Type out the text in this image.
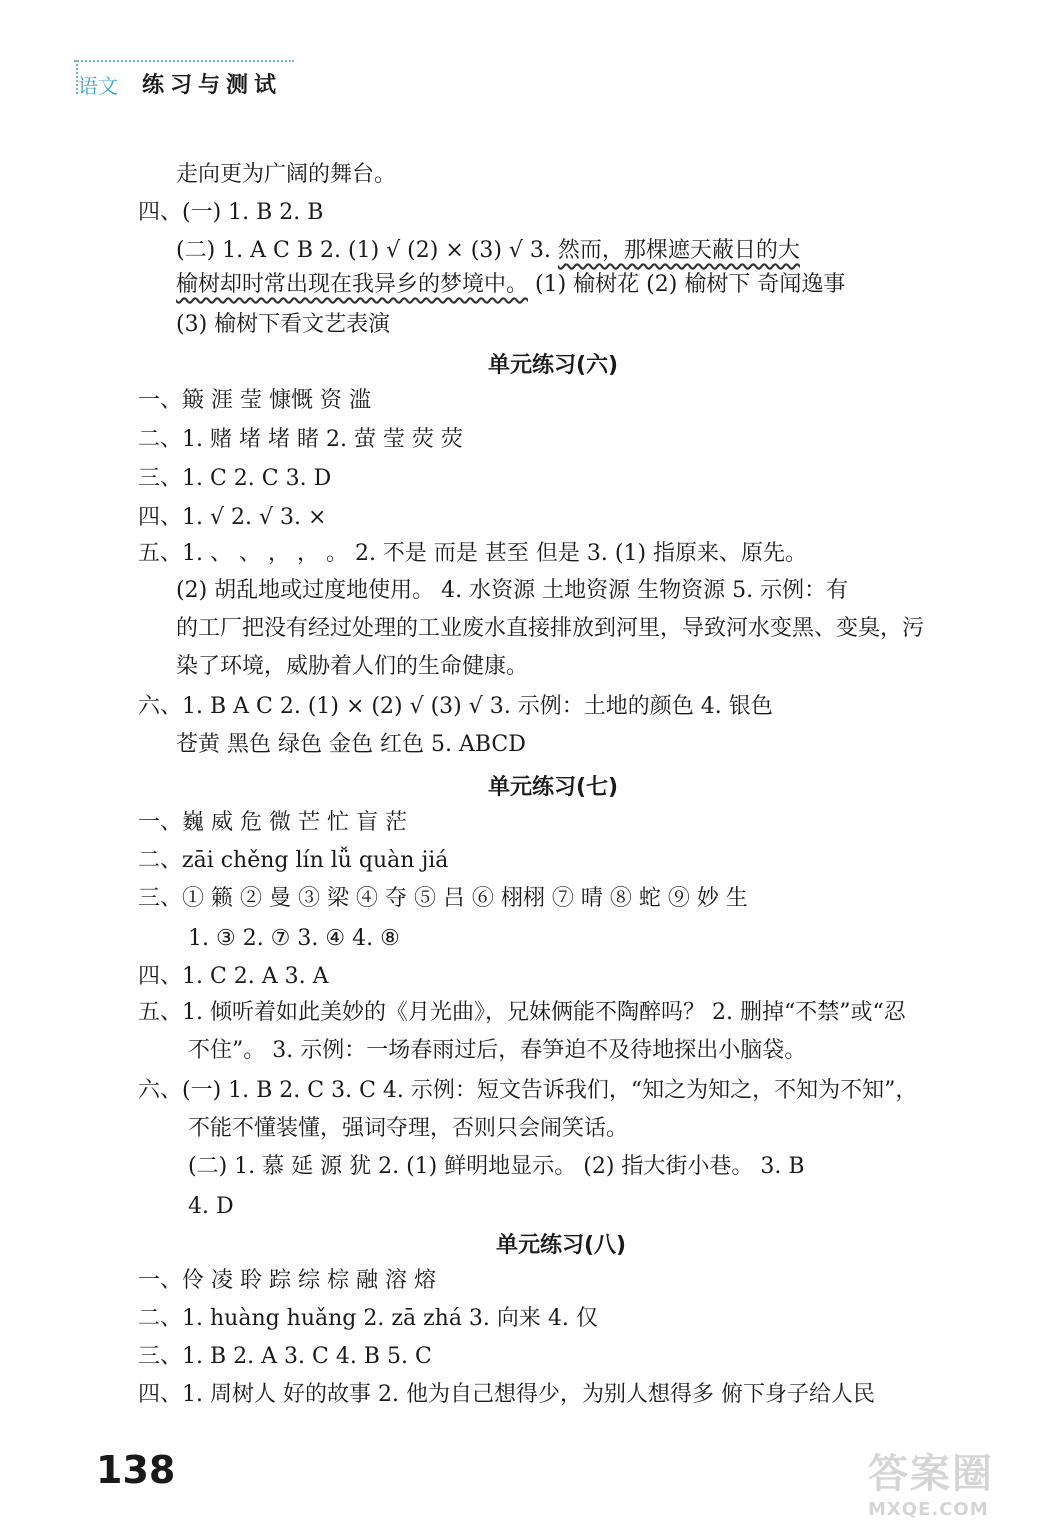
语文 练习与测试
走向更为广阔的舞台。
四、(一) 1. B 2. B
(二) 1. A C B 2. (1) √ (2) × (3) √ 3. 然而，那棵遮天蔽日的大
榆树却时常出现在我异乡的梦境中。 (1) 榆树花 (2) 榆树下 奇闻逸事
(3) 榆树下看文艺表演
单元练习(六)
一、簸 涯 莹 慷慨 资 滥
二、1. 赌 堵 堵 睹 2. 萤 莹 荧 荧
三、1. C 2. C 3. D
四、1. √ 2. √ 3. ×
五、1. 、 、 ， ， 。 2. 不是 而是 甚至 但是 3. (1) 指原来、原先。
(2) 胡乱地或过度地使用。 4. 水资源 土地资源 生物资源 5. 示例：有
的工厂把没有经过处理的工业废水直接排放到河里，导致河水变黑、变臭，污
染了环境，威胁着人们的生命健康。
六、1. B A C 2. (1) × (2) √ (3) √ 3. 示例：土地的颜色 4. 银色
苍黄 黑色 绿色 金色 红色 5. ABCD
单元练习(七)
一、巍 威 危 微 芒 忙 盲 茫
二、zāi chěng lín lǚ quàn jiá
三、① 籁 ② 曼 ③ 梁 ④ 夺 ⑤ 吕 ⑥ 栩栩 ⑦ 晴 ⑧ 蛇 ⑨ 妙 生
1. ③ 2. ⑦ 3. ④ 4. ⑧
四、1. C 2. A 3. A
五、1. 倾听着如此美妙的《月光曲》，兄妹俩能不陶醉吗？ 2. 删掉“不禁”或“忍
不住”。 3. 示例：一场春雨过后，春笋迫不及待地探出小脑袋。
六、(一) 1. B 2. C 3. C 4. 示例：短文告诉我们，“知之为知之，不知为不知”，
不能不懂装懂，强词夺理，否则只会闹笑话。
(二) 1. 慕 延 源 犹 2. (1) 鲜明地显示。 (2) 指大街小巷。 3. B
4. D
单元练习(八)
一、伶 凌 聆 踪 综 棕 融 溶 熔
二、1. huàng huǎng 2. zā zhá 3. 向来 4. 仅
三、1. B 2. A 3. C 4. B 5. C
四、1. 周树人 好的故事 2. 他为自己想得少，为别人想得多 俯下身子给人民
138	答案圈
MXQE.COM
